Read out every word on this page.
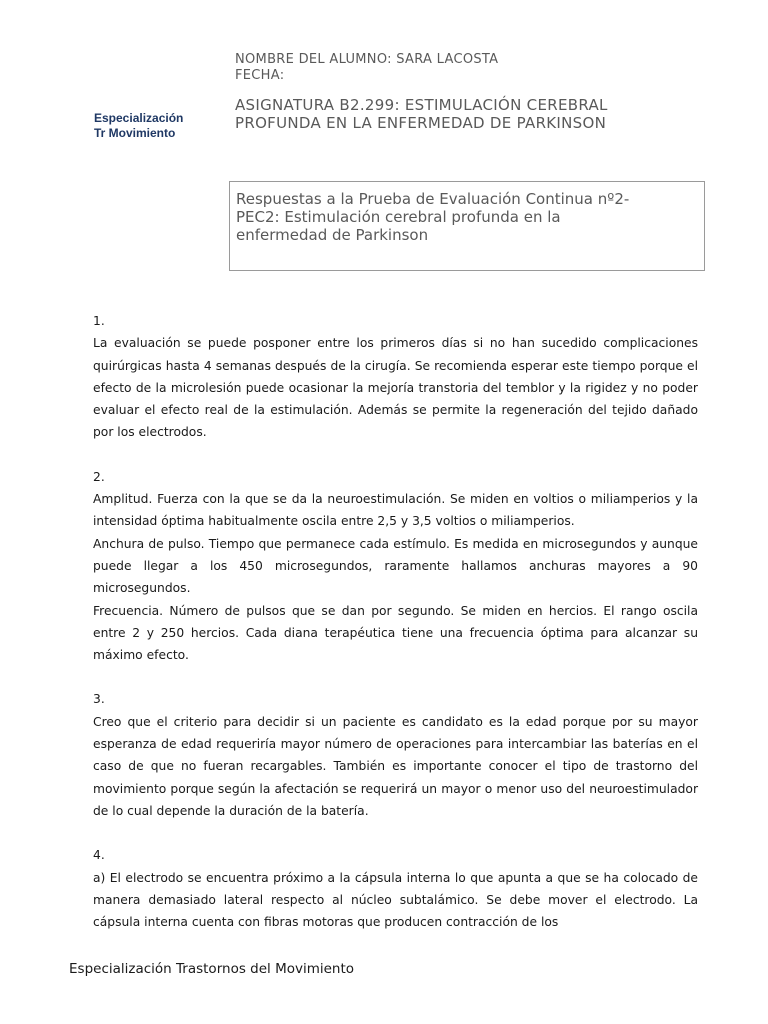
Especialización
Tr Movimiento
NOMBRE DEL ALUMNO: SARA LACOSTA
FECHA:
ASIGNATURA B2.299: ESTIMULACIÓN CEREBRAL
PROFUNDA EN LA ENFERMEDAD DE PARKINSON
Respuestas a la Prueba de Evaluación Continua nº2-
PEC2: Estimulación cerebral profunda en la
enfermedad de Parkinson
1.

La evaluación se puede posponer entre los primeros días si no han sucedido complicaciones quirúrgicas hasta 4 semanas después de la cirugía. Se recomienda esperar este tiempo porque el efecto de la microlesión puede ocasionar la mejoría transtoria del temblor y la rigidez y no poder evaluar el efecto real de la estimulación. Además se permite la regeneración del tejido dañado por los electrodos.

2.

Amplitud. Fuerza con la que se da la neuroestimulación. Se miden en voltios o miliamperios y la intensidad óptima habitualmente oscila entre 2,5 y 3,5 voltios o miliamperios.

Anchura de pulso. Tiempo que permanece cada estímulo. Es medida en microsegundos y aunque puede llegar a los 450 microsegundos, raramente hallamos anchuras mayores a 90 microsegundos.

Frecuencia. Número de pulsos que se dan por segundo. Se miden en hercios. El rango oscila entre 2 y 250 hercios. Cada diana terapéutica tiene una frecuencia óptima para alcanzar su máximo efecto.

3.

Creo que el criterio para decidir si un paciente es candidato es la edad porque por su mayor esperanza de edad requeriría mayor número de operaciones para intercambiar las baterías en el caso de que no fueran recargables. También es importante conocer el tipo de trastorno del movimiento porque según la afectación se requerirá un mayor o menor uso del neuroestimulador de lo cual depende la duración de la batería.

4.

a) El electrodo se encuentra próximo a la cápsula interna lo que apunta a que se ha colocado de manera demasiado lateral respecto al núcleo subtalámico. Se debe mover el electrodo. La cápsula interna cuenta con fibras motoras que producen contracción de los

Especialización Trastornos del Movimiento
